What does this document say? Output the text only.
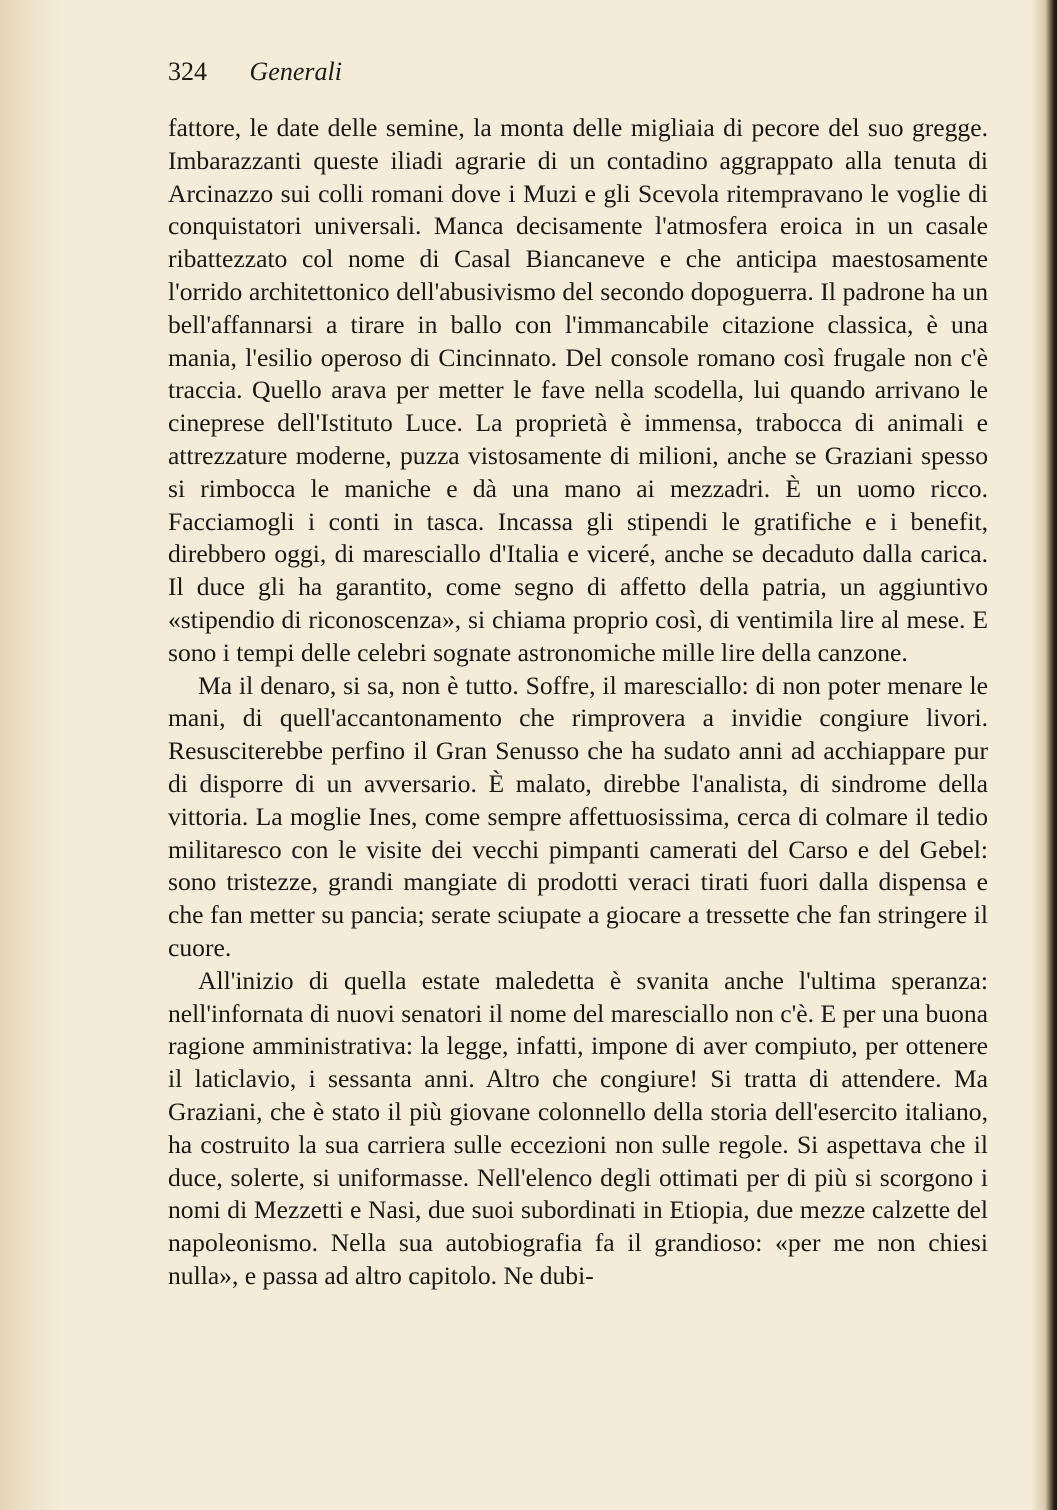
324 Generali

fattore, le date delle semine, la monta delle migliaia di pecore del suo gregge. Imbarazzanti queste iliadi agrarie di un contadino aggrappato alla tenuta di Arcinazzo sui colli romani dove i Muzi e gli Scevola ritempravano le voglie di conquistatori universali. Manca decisamente l'atmosfera eroica in un casale ribattezzato col nome di Casal Biancaneve e che anticipa maestosamente l'orrido architettonico dell'abusivismo del secondo dopoguerra. Il padrone ha un bell'affannarsi a tirare in ballo con l'immancabile citazione classica, è una mania, l'esilio operoso di Cincinnato. Del console romano così frugale non c'è traccia. Quello arava per metter le fave nella scodella, lui quando arrivano le cineprese dell'Istituto Luce. La proprietà è immensa, trabocca di animali e attrezzature moderne, puzza vistosamente di milioni, anche se Graziani spesso si rimbocca le maniche e dà una mano ai mezzadri. È un uomo ricco. Facciamogli i conti in tasca. Incassa gli stipendi le gratifiche e i benefit, direbbero oggi, di maresciallo d'Italia e viceré, anche se decaduto dalla carica. Il duce gli ha garantito, come segno di affetto della patria, un aggiuntivo «stipendio di riconoscenza», si chiama proprio così, di ventimila lire al mese. E sono i tempi delle celebri sognate astronomiche mille lire della canzone.

Ma il denaro, si sa, non è tutto. Soffre, il maresciallo: di non poter menare le mani, di quell'accantonamento che rimprovera a invidie congiure livori. Resusciterebbe perfino il Gran Senusso che ha sudato anni ad acchiappare pur di disporre di un avversario. È malato, direbbe l'analista, di sindrome della vittoria. La moglie Ines, come sempre affettuosissima, cerca di colmare il tedio militaresco con le visite dei vecchi pimpanti camerati del Carso e del Gebel: sono tristezze, grandi mangiate di prodotti veraci tirati fuori dalla dispensa e che fan metter su pancia; serate sciupate a giocare a tressette che fan stringere il cuore.

All'inizio di quella estate maledetta è svanita anche l'ultima speranza: nell'infornata di nuovi senatori il nome del maresciallo non c'è. E per una buona ragione amministrativa: la legge, infatti, impone di aver compiuto, per ottenere il laticlavio, i sessanta anni. Altro che congiure! Si tratta di attendere. Ma Graziani, che è stato il più giovane colonnello della storia dell'esercito italiano, ha costruito la sua carriera sulle eccezioni non sulle regole. Si aspettava che il duce, solerte, si uniformasse. Nell'elenco degli ottimati per di più si scorgono i nomi di Mezzetti e Nasi, due suoi subordinati in Etiopia, due mezze calzette del napoleonismo. Nella sua autobiografia fa il grandioso: «per me non chiesi nulla», e passa ad altro capitolo. Ne dubi-
